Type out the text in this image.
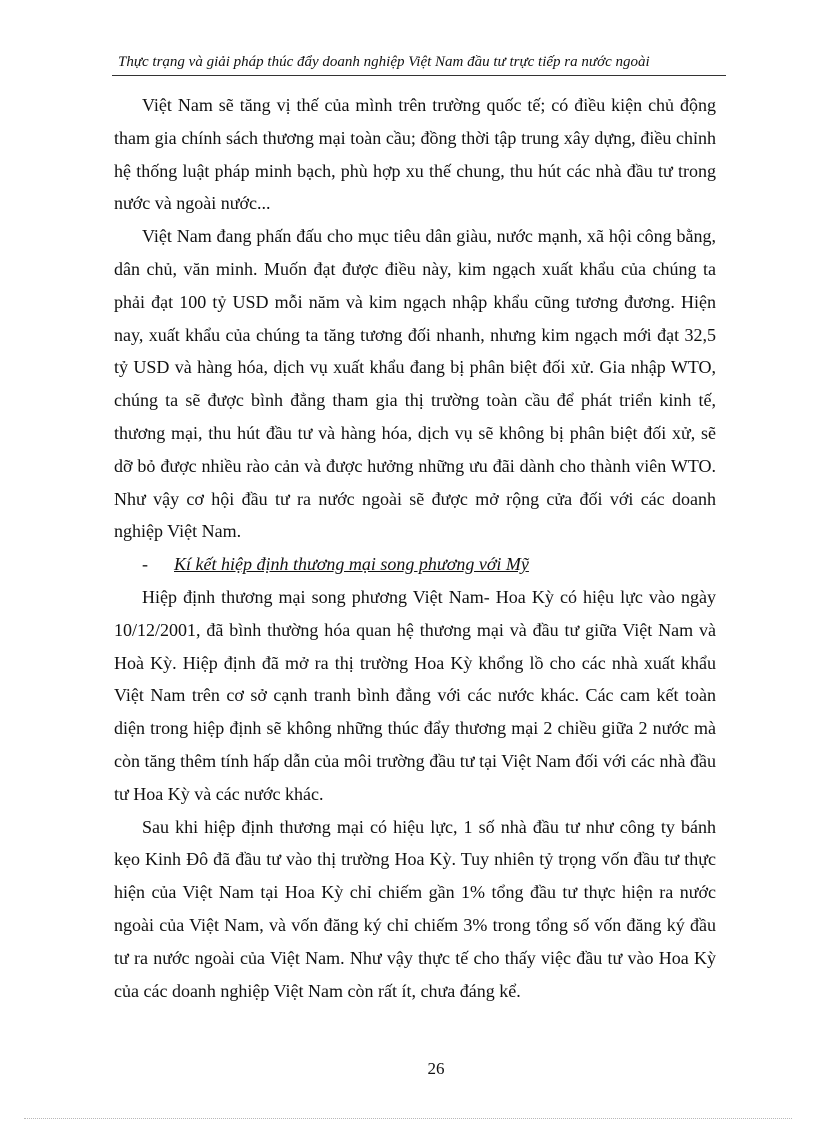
Thực trạng và giải pháp thúc đẩy doanh nghiệp Việt Nam đầu tư trực tiếp ra nước ngoài

Việt Nam sẽ tăng vị thế của mình trên trường quốc tế; có điều kiện chủ động tham gia chính sách thương mại toàn cầu; đồng thời tập trung xây dựng, điều chỉnh hệ thống luật pháp minh bạch, phù hợp xu thế chung, thu hút các nhà đầu tư trong nước và ngoài nước...

Việt Nam đang phấn đấu cho mục tiêu dân giàu, nước mạnh, xã hội công bằng, dân chủ, văn minh. Muốn đạt được điều này, kim ngạch xuất khẩu của chúng ta phải đạt 100 tỷ USD mỗi năm và kim ngạch nhập khẩu cũng tương đương. Hiện nay, xuất khẩu của chúng ta tăng tương đối nhanh, nhưng kim ngạch mới đạt 32,5 tỷ USD và hàng hóa, dịch vụ xuất khẩu đang bị phân biệt đối xử. Gia nhập WTO, chúng ta sẽ được bình đẳng tham gia thị trường toàn cầu để phát triển kinh tế, thương mại, thu hút đầu tư và hàng hóa, dịch vụ sẽ không bị phân biệt đối xử, sẽ dỡ bỏ được nhiều rào cản và được hưởng những ưu đãi dành cho thành viên WTO. Như vậy cơ hội đầu tư ra nước ngoài sẽ được mở rộng cửa đối với các doanh nghiệp Việt Nam.

- Kí kết hiệp định thương mại song phương với Mỹ

Hiệp định thương mại song phương Việt Nam- Hoa Kỳ có hiệu lực vào ngày 10/12/2001, đã bình thường hóa quan hệ thương mại và đầu tư giữa Việt Nam và Hoà Kỳ. Hiệp định đã mở ra thị trường Hoa Kỳ khổng lồ cho các nhà xuất khẩu Việt Nam trên cơ sở cạnh tranh bình đẳng với các nước khác. Các cam kết toàn diện trong hiệp định sẽ không những thúc đẩy thương mại 2 chiều giữa 2 nước mà còn tăng thêm tính hấp dẫn của môi trường đầu tư tại Việt Nam đối với các nhà đầu tư Hoa Kỳ và các nước khác.

Sau khi hiệp định thương mại có hiệu lực, 1 số nhà đầu tư như công ty bánh kẹo Kinh Đô đã đầu tư vào thị trường Hoa Kỳ. Tuy nhiên tỷ trọng vốn đầu tư thực hiện của Việt Nam tại Hoa Kỳ chỉ chiếm gần 1% tổng đầu tư thực hiện ra nước ngoài của Việt Nam, và vốn đăng ký chỉ chiếm 3% trong tổng số vốn đăng ký đầu tư ra nước ngoài của Việt Nam. Như vậy thực tế cho thấy việc đầu tư vào Hoa Kỳ của các doanh nghiệp Việt Nam còn rất ít, chưa đáng kể.

26
